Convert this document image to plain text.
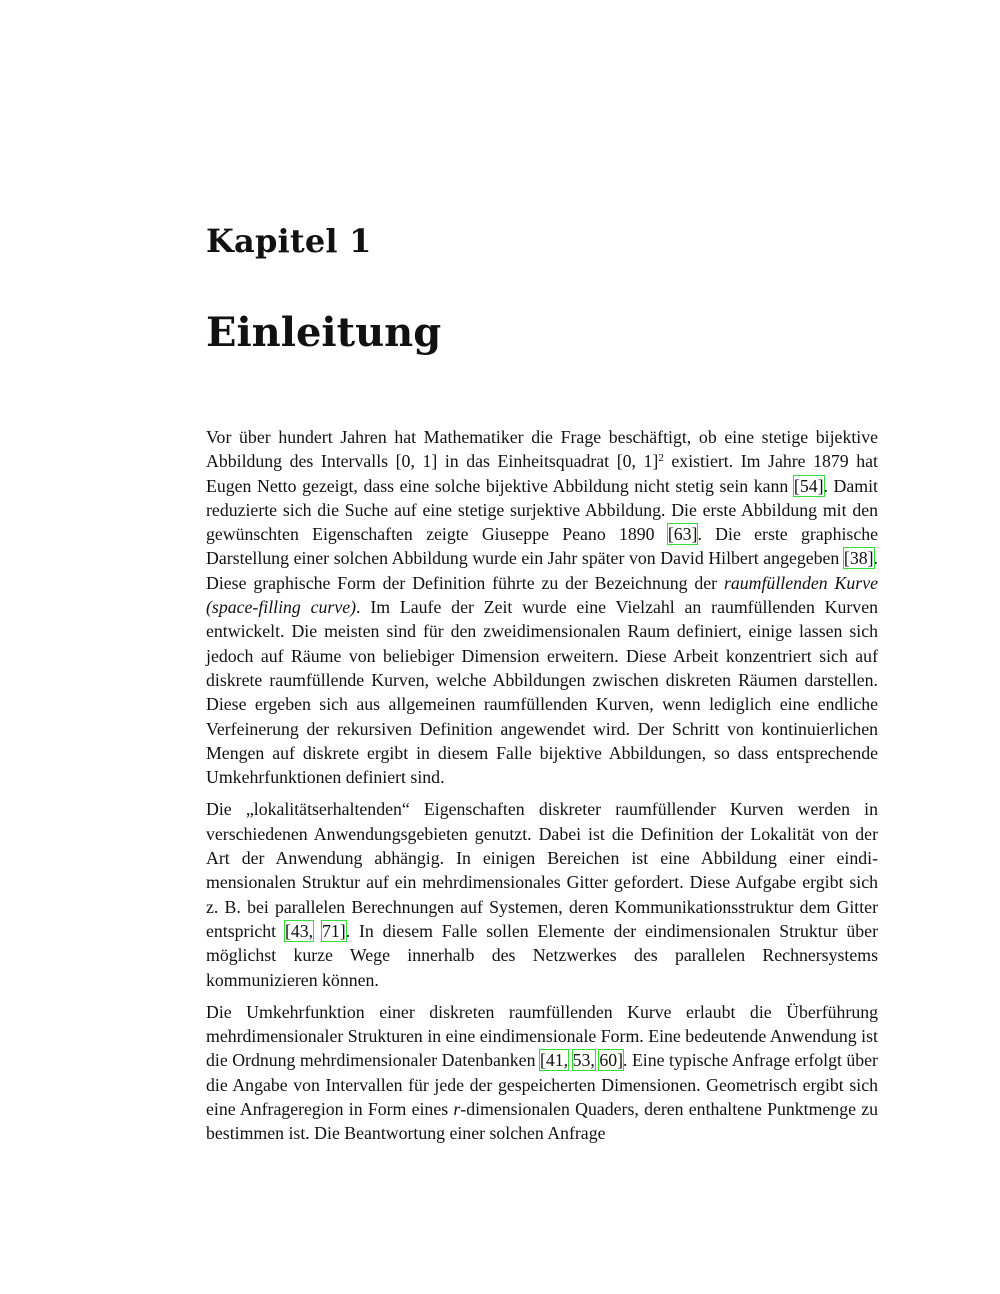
Kapitel 1
Einleitung

Vor über hundert Jahren hat Mathematiker die Frage beschäftigt, ob eine stetige bijektive Abbildung des Intervalls [0, 1] in das Einheitsquadrat [0, 1]$^2$ existiert. Im Jahre 1879 hat Eugen Netto gezeigt, dass eine solche bijektive Abbildung nicht stetig sein kann [54]. Damit reduzierte sich die Suche auf eine stetige surjektive Abbildung. Die erste Abbildung mit den gewünschten Eigenschaften zeigte Giuseppe Peano 1890 [63]. Die erste graphische Darstellung einer solchen Abbildung wurde ein Jahr später von David Hilbert angegeben [38]. Diese graphische Form der Definition führte zu der Bezeichnung der raumfüllenden Kurve (space-filling curve). Im Laufe der Zeit wurde eine Vielzahl an raumfüllenden Kurven entwickelt. Die meisten sind für den zweidimensionalen Raum definiert, einige lassen sich jedoch auf Räume von beliebiger Dimension erweitern. Diese Arbeit konzentriert sich auf diskrete raumfüllende Kurven, welche Abbildungen zwischen diskreten Räumen darstellen. Diese ergeben sich aus allgemeinen raumfüllenden Kurven, wenn lediglich eine endliche Verfeinerung der rekursiven Definition angewendet wird. Der Schritt von kontinuierlichen Mengen auf diskrete ergibt in diesem Falle bijektive Abbildungen, so dass entsprechende Umkehrfunktionen definiert sind.

Die „lokalitätserhaltenden“ Eigenschaften diskreter raumfüllender Kurven werden in verschiedenen Anwendungsgebieten genutzt. Dabei ist die Definition der Lokalität von der Art der Anwendung abhängig. In einigen Bereichen ist eine Abbildung einer eindimensionalen Struktur auf ein mehrdimensionales Gitter gefordert. Diese Aufgabe ergibt sich z. B. bei parallelen Berechnungen auf Systemen, deren Kommunikationsstruktur dem Gitter entspricht [43, 71]. In diesem Falle sollen Elemente der eindimensionalen Struktur über möglichst kurze Wege innerhalb des Netzwerkes des parallelen Rechnersystems kommunizieren können.

Die Umkehrfunktion einer diskreten raumfüllenden Kurve erlaubt die Überführung mehrdimensionaler Strukturen in eine eindimensionale Form. Eine bedeutende Anwendung ist die Ordnung mehrdimensionaler Datenbanken [41, 53, 60]. Eine typische Anfrage erfolgt über die Angabe von Intervallen für jede der gespeicherten Dimensionen. Geometrisch ergibt sich eine Anfrageregion in Form eines r-dimensionalen Quaders, deren enthaltene Punktmenge zu bestimmen ist. Die Beantwortung einer solchen Anfrage
